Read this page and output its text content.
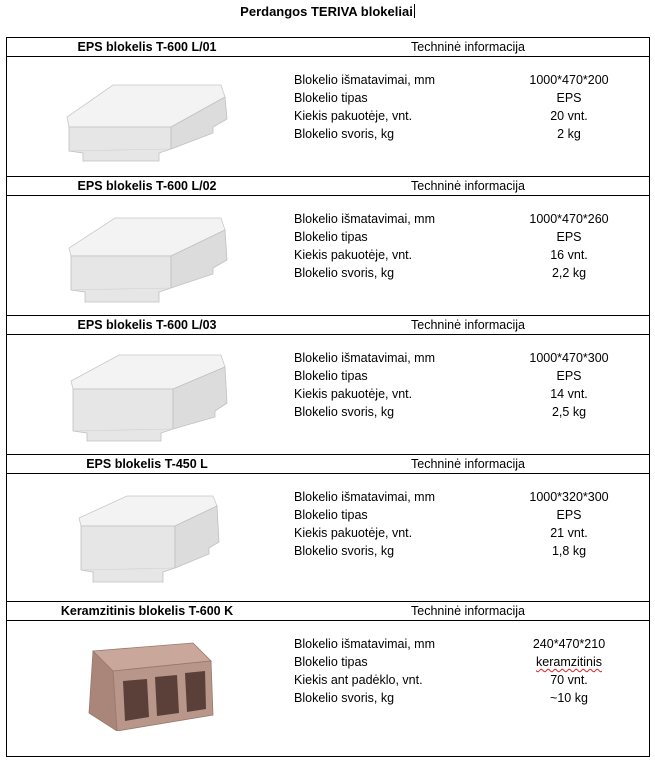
Perdangos TERIVA blokeliai
EPS blokelis T-600 L/01	Techninė informacija
Blokelio išmatavimai, mm	1000*470*200
Blokelio tipas	EPS
Kiekis pakuotėje, vnt.	20 vnt.
Blokelio svoris, kg	2 kg
EPS blokelis T-600 L/02	Techninė informacija
Blokelio išmatavimai, mm	1000*470*260
Blokelio tipas	EPS
Kiekis pakuotėje, vnt.	16 vnt.
Blokelio svoris, kg	2,2 kg
EPS blokelis T-600 L/03	Techninė informacija
Blokelio išmatavimai, mm	1000*470*300
Blokelio tipas	EPS
Kiekis pakuotėje, vnt.	14 vnt.
Blokelio svoris, kg	2,5 kg
EPS blokelis T-450 L	Techninė informacija
Blokelio išmatavimai, mm	1000*320*300
Blokelio tipas	EPS
Kiekis pakuotėje, vnt.	21 vnt.
Blokelio svoris, kg	1,8 kg
Keramzitinis blokelis T-600 K	Techninė informacija
Blokelio išmatavimai, mm	240*470*210
Blokelio tipas	keramzitinis
Kiekis ant padėklo, vnt.	70 vnt.
Blokelio svoris, kg	~10 kg
